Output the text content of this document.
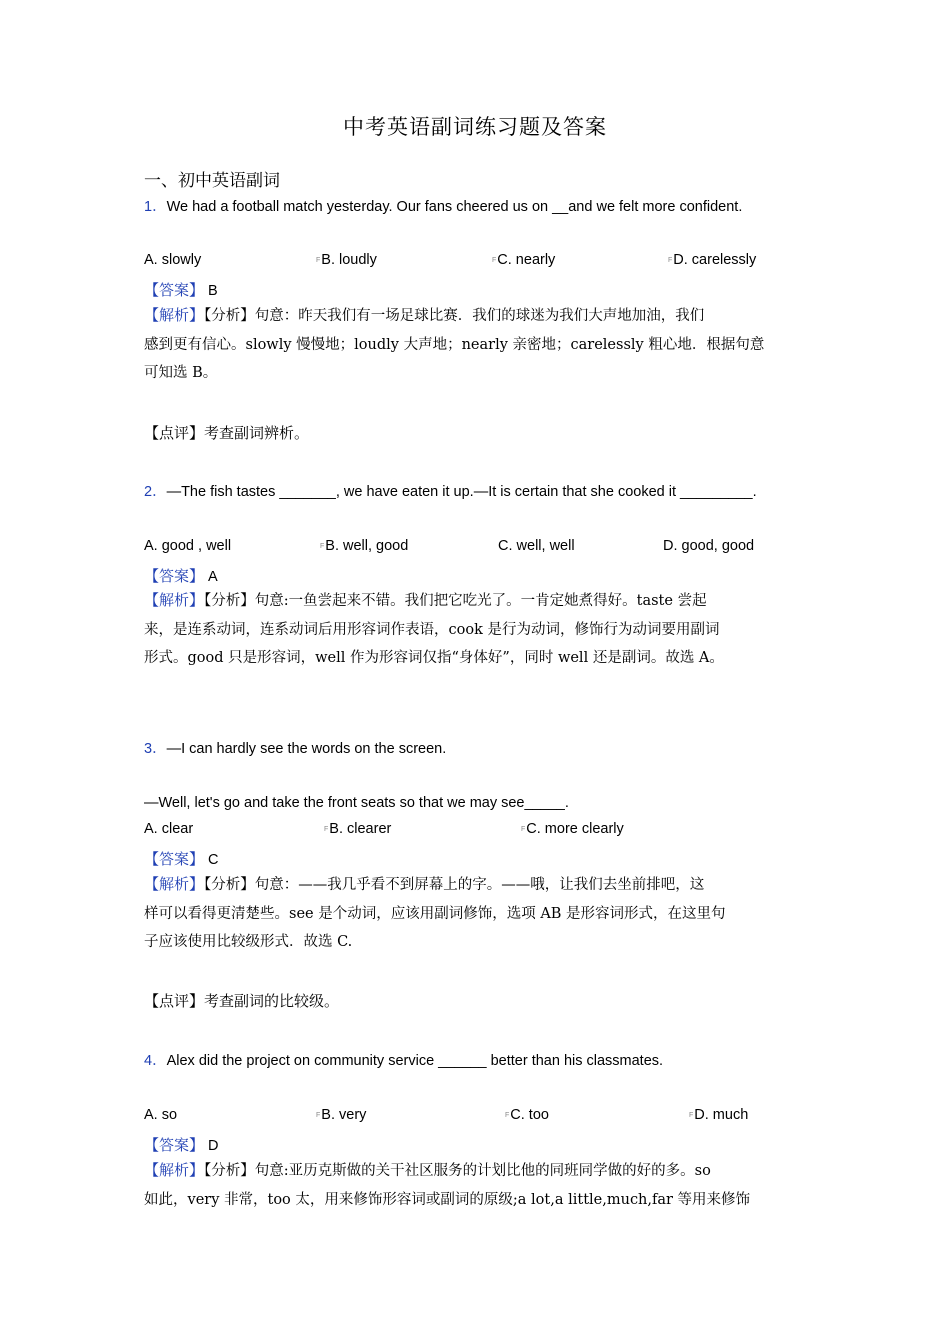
中考英语副词练习题及答案
一、初中英语副词
1．We had a football match yesterday. Our fans cheered us on __and we felt more confident.
A. slowly	FB. loudly	FC. nearly	FD. carelessly
【答案】 B
【解析】【分析】句意：昨天我们有一场足球比赛．我们的球迷为我们大声地加油，我们
感到更有信心。slowly 慢慢地；loudly 大声地；nearly 亲密地；carelessly 粗心地．根据句意
可知选 B。
【点评】考查副词辨析。
2．—The fish tastes _______, we have eaten it up.—It is certain that she cooked it _________.
A. good , well	FB. well, good	C. well, well	D. good, good
【答案】 A
【解析】【分析】句意:一鱼尝起来不错。我们把它吃光了。一肯定她煮得好。taste 尝起
来，是连系动词，连系动词后用形容词作表语，cook 是行为动词，修饰行为动词要用副词
形式。good 只是形容词，well 作为形容词仅指“身体好”，同时 well 还是副词。故选 A。
3．—I can hardly see the words on the screen.
—Well, let's go and take the front seats so that we may see_____.
A. clear	FB. clearer	FC. more clearly
【答案】 C
【解析】【分析】句意：——我几乎看不到屏幕上的字。——哦，让我们去坐前排吧，这
样可以看得更清楚些。see 是个动词，应该用副词修饰，选项 AB 是形容词形式，在这里句
子应该使用比较级形式．故选 C.
【点评】考查副词的比较级。
4．Alex did the project on community service ______ better than his classmates.
A. so	FB. very	FC. too	FD. much
【答案】 D
【解析】【分析】句意:亚历克斯做的关干社区服务的计划比他的同班同学做的好的多。so
如此，very 非常，too 太，用来修饰形容词或副词的原级;a lot,a little,much,far 等用来修饰
